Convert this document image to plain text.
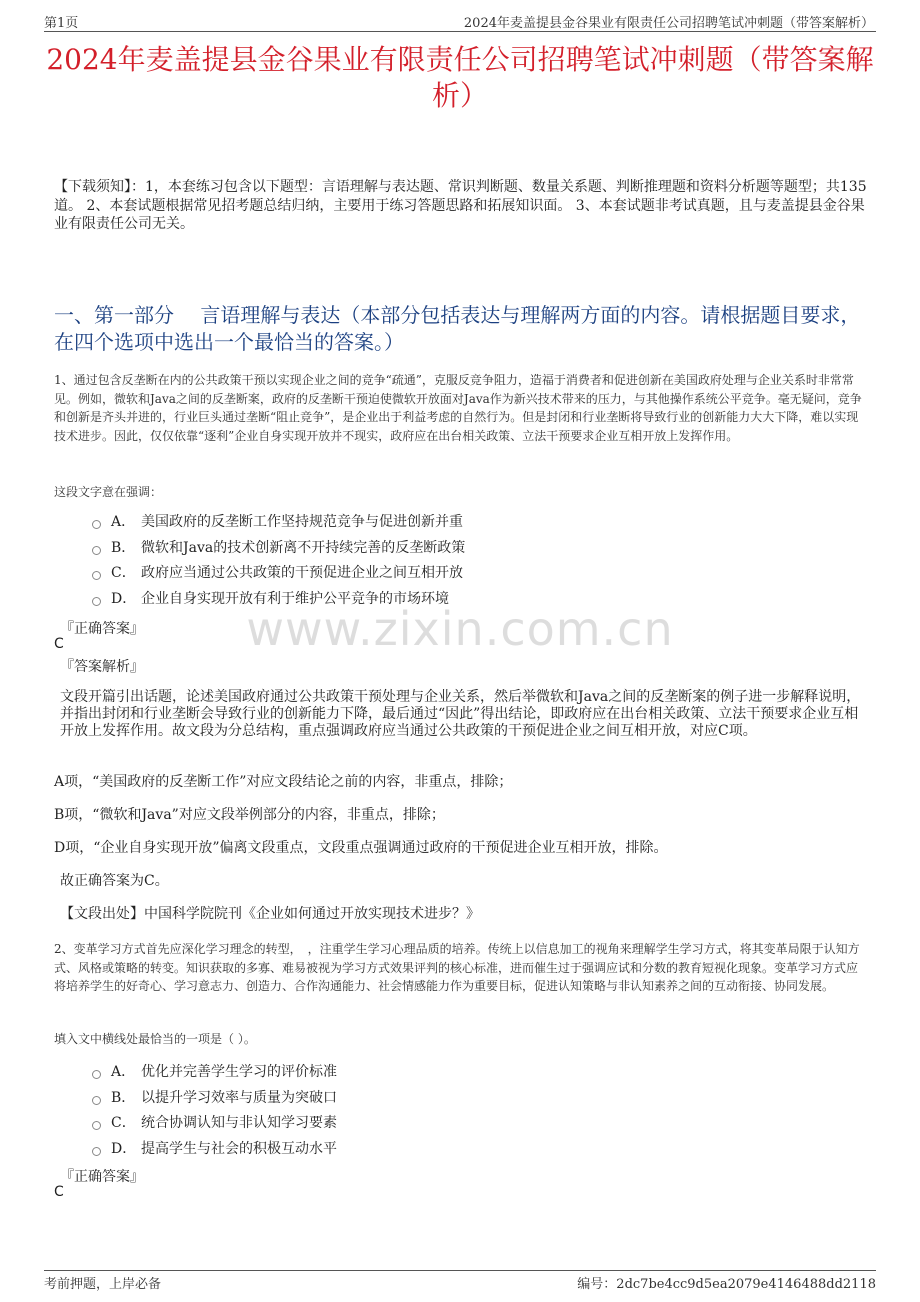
第1页	2024年麦盖提县金谷果业有限责任公司招聘笔试冲刺题（带答案解析）
2024年麦盖提县金谷果业有限责任公司招聘笔试冲刺题（带答案解析）
【下载须知】：1，本套练习包含以下题型：言语理解与表达题、常识判断题、数量关系题、判断推理题和资料分析题等题型；共135道。 2、本套试题根据常见招考题总结归纳，主要用于练习答题思路和拓展知识面。 3、本套试题非考试真题，且与麦盖提县金谷果业有限责任公司无关。
一、第一部分　 言语理解与表达（本部分包括表达与理解两方面的内容。请根据题目要求，在四个选项中选出一个最恰当的答案。）
1、通过包含反垄断在内的公共政策干预以实现企业之间的竞争“疏通”，克服反竞争阻力，造福于消费者和促进创新在美国政府处理与企业关系时非常常见。例如，微软和Java之间的反垄断案，政府的反垄断干预迫使微软开放面对Java作为新兴技术带来的压力，与其他操作系统公平竞争。毫无疑问，竞争和创新是齐头并进的，行业巨头通过垄断“阻止竞争”，是企业出于利益考虑的自然行为。但是封闭和行业垄断将导致行业的创新能力大大下降，难以实现技术进步。因此，仅仅依靠“逐利”企业自身实现开放并不现实，政府应在出台相关政策、立法干预要求企业互相开放上发挥作用。
这段文字意在强调：
A． 美国政府的反垄断工作坚持规范竞争与促进创新并重
B． 微软和Java的技术创新离不开持续完善的反垄断政策
C． 政府应当通过公共政策的干预促进企业之间互相开放
D． 企业自身实现开放有利于维护公平竞争的市场环境
『正确答案』
C
『答案解析』
文段开篇引出话题，论述美国政府通过公共政策干预处理与企业关系，然后举微软和Java之间的反垄断案的例子进一步解释说明，并指出封闭和行业垄断会导致行业的创新能力下降，最后通过“因此”得出结论，即政府应在出台相关政策、立法干预要求企业互相开放上发挥作用。故文段为分总结构，重点强调政府应当通过公共政策的干预促进企业之间互相开放，对应C项。
A项，“美国政府的反垄断工作”对应文段结论之前的内容，非重点，排除；
B项，“微软和Java”对应文段举例部分的内容，非重点，排除；
D项，“企业自身实现开放”偏离文段重点，文段重点强调通过政府的干预促进企业互相开放，排除。
故正确答案为C。
【文段出处】中国科学院院刊《企业如何通过开放实现技术进步？》
www.zixin.com.cn
2、变革学习方式首先应深化学习理念的转型，　，注重学生学习心理品质的培养。传统上以信息加工的视角来理解学生学习方式，将其变革局限于认知方式、风格或策略的转变。知识获取的多寡、难易被视为学习方式效果评判的核心标准，进而催生过于强调应试和分数的教育短视化现象。变革学习方式应将培养学生的好奇心、学习意志力、创造力、合作沟通能力、社会情感能力作为重要目标，促进认知策略与非认知素养之间的互动衔接、协同发展。
填入文中横线处最恰当的一项是（ ）。
A． 优化并完善学生学习的评价标准
B． 以提升学习效率与质量为突破口
C． 统合协调认知与非认知学习要素
D． 提高学生与社会的积极互动水平
『正确答案』
C
考前押题，上岸必备	编号：2dc7be4cc9d5ea2079e4146488dd2118
